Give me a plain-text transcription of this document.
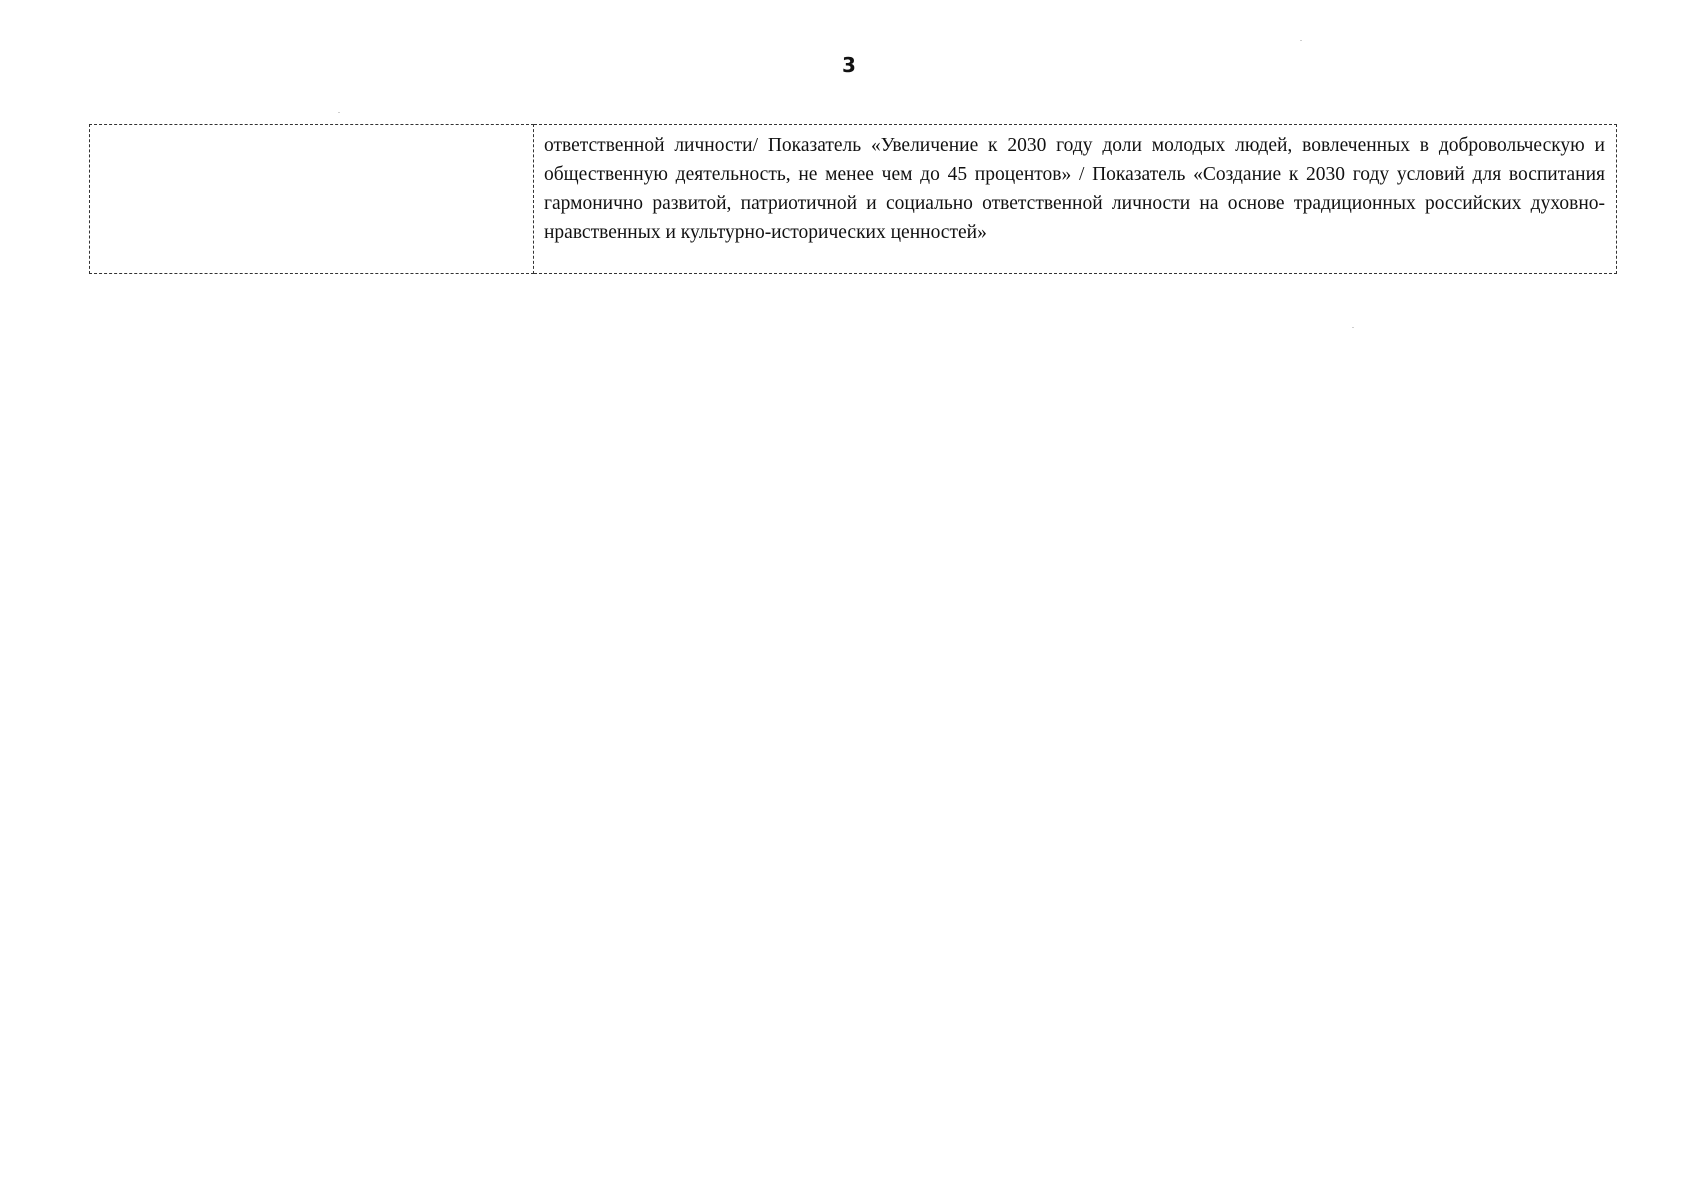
3

ответственной личности/ Показатель «Увеличение к 2030 году доли молодых людей, вовлеченных в добровольческую и общественную деятельность, не менее чем до 45 процентов» / Показатель «Создание к 2030 году условий для воспитания гармонично развитой, патриотичной и социально ответственной личности на основе традиционных российских духовно-нравственных и культурно-исторических ценностей»
